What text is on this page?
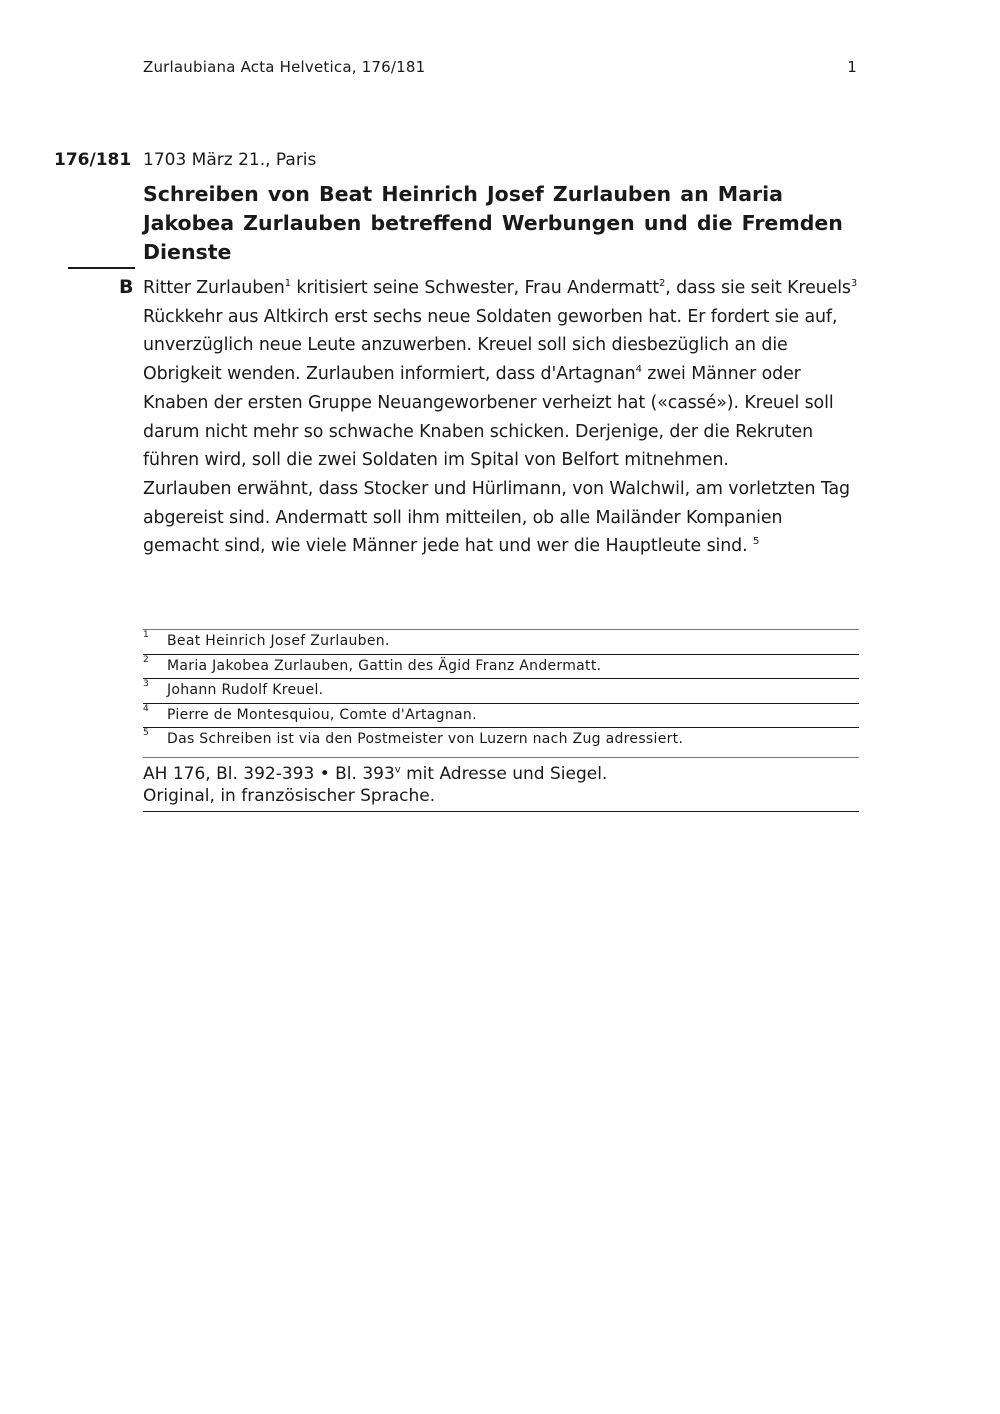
Zurlaubiana Acta Helvetica, 176/181	1
176/181 1703 März 21., Paris
Schreiben von Beat Heinrich Josef Zurlauben an Maria Jakobea Zurlauben betreffend Werbungen und die Fremden Dienste
B Ritter Zurlauben$^1$ kritisiert seine Schwester, Frau Andermatt$^2$, dass sie seit Kreuels$^3$ Rückkehr aus Altkirch erst sechs neue Soldaten geworben hat. Er fordert sie auf, unverzüglich neue Leute anzuwerben. Kreuel soll sich diesbezüglich an die Obrigkeit wenden. Zurlauben informiert, dass d'Artagnan$^4$ zwei Männer oder Knaben der ersten Gruppe Neuangeworbener verheizt hat («cassé»). Kreuel soll darum nicht mehr so schwache Knaben schicken. Derjenige, der die Rekruten führen wird, soll die zwei Soldaten im Spital von Belfort mitnehmen.

Zurlauben erwähnt, dass Stocker und Hürlimann, von Walchwil, am vorletzten Tag abgereist sind. Andermatt soll ihm mitteilen, ob alle Mailänder Kompanien gemacht sind, wie viele Männer jede hat und wer die Hauptleute sind. $^5$

1 Beat Heinrich Josef Zurlauben.
2 Maria Jakobea Zurlauben, Gattin des Ägid Franz Andermatt.
3 Johann Rudolf Kreuel.
4 Pierre de Montesquiou, Comte d'Artagnan.
5 Das Schreiben ist via den Postmeister von Luzern nach Zug adressiert.
AH 176, Bl. 392-393 • Bl. 393$^v$ mit Adresse und Siegel.
Original, in französischer Sprache.
